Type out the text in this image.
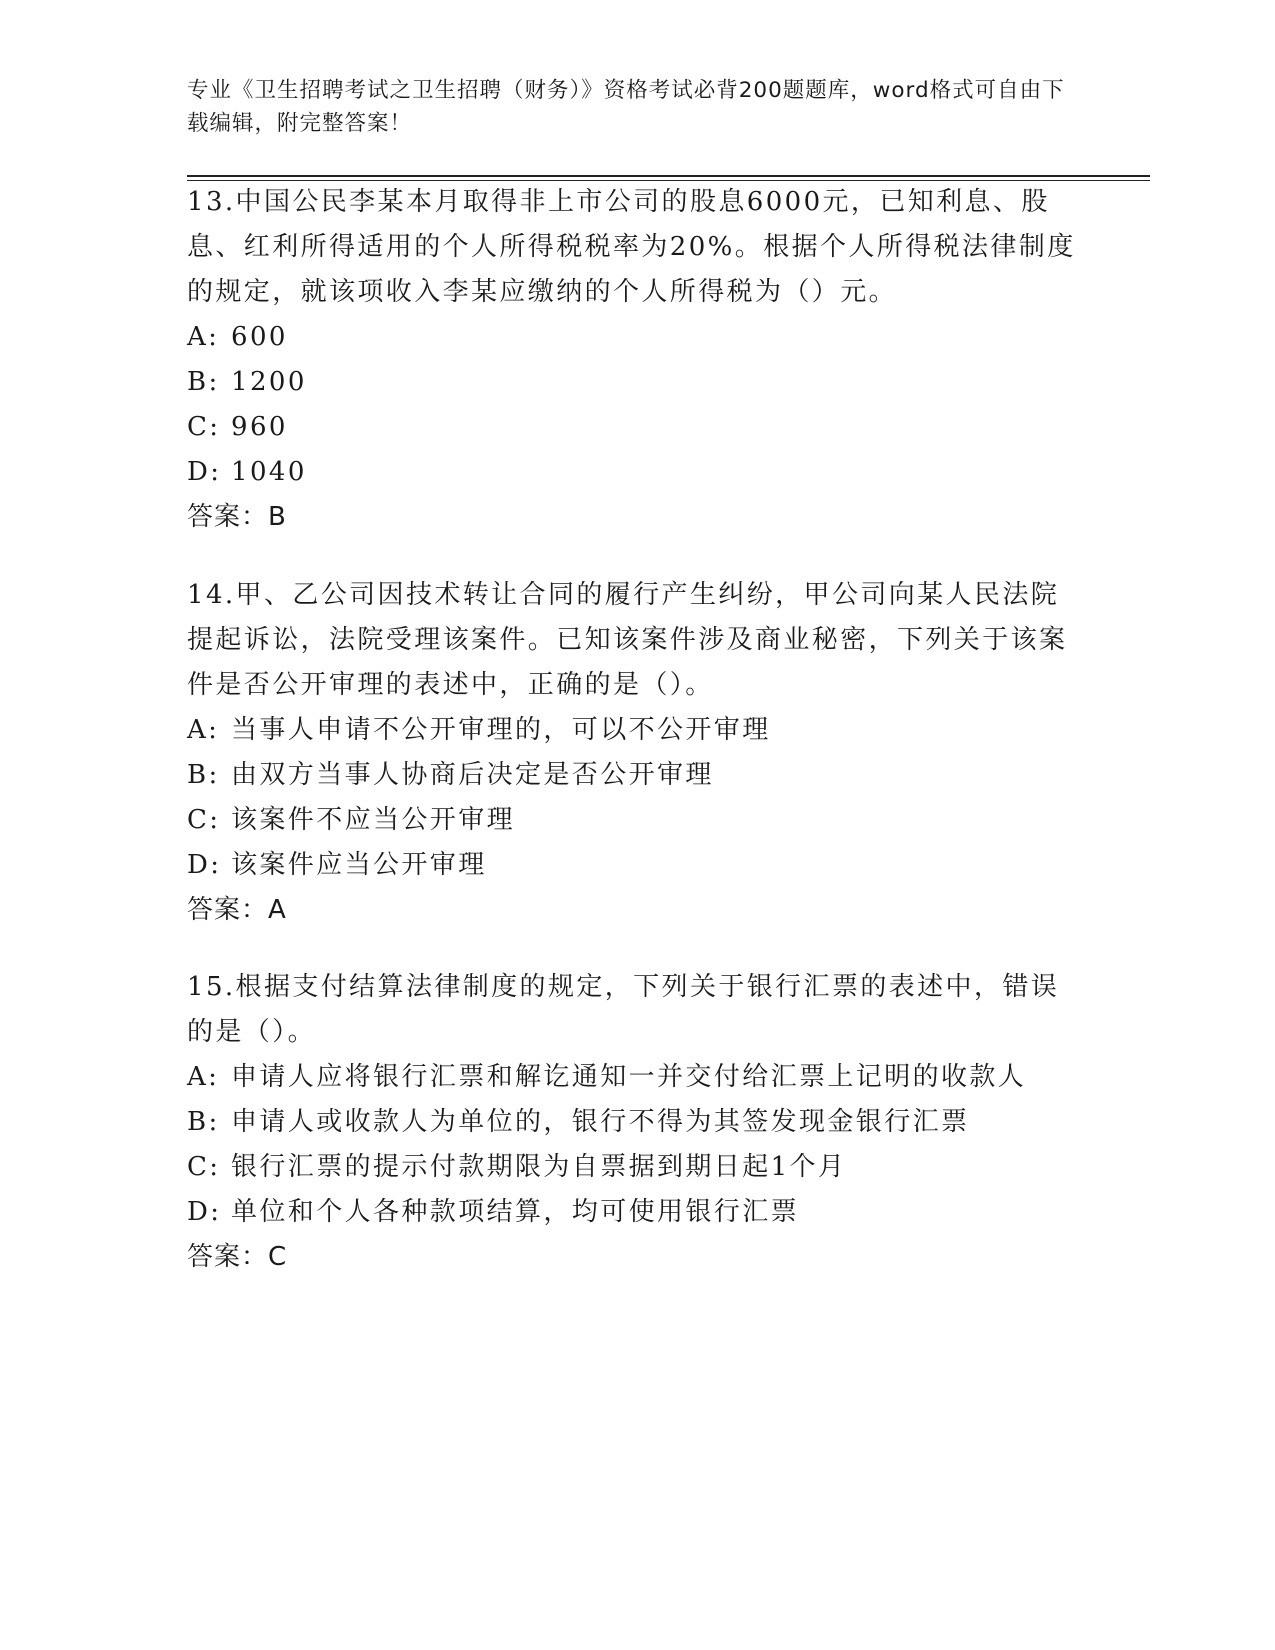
专业《卫生招聘考试之卫生招聘（财务）》资格考试必背200题题库，word格式可自由下载编辑，附完整答案！

13.中国公民李某本月取得非上市公司的股息6000元，已知利息、股息、红利所得适用的个人所得税税率为20%。根据个人所得税法律制度的规定，就该项收入李某应缴纳的个人所得税为（）元。

A: 600

B: 1200

C: 960

D: 1040

答案：B

14.甲、乙公司因技术转让合同的履行产生纠纷，甲公司向某人民法院提起诉讼，法院受理该案件。已知该案件涉及商业秘密，下列关于该案件是否公开审理的表述中，正确的是（）。

A: 当事人申请不公开审理的，可以不公开审理

B: 由双方当事人协商后决定是否公开审理

C: 该案件不应当公开审理

D: 该案件应当公开审理

答案：A

15.根据支付结算法律制度的规定，下列关于银行汇票的表述中，错误的是（）。

A: 申请人应将银行汇票和解讫通知一并交付给汇票上记明的收款人

B: 申请人或收款人为单位的，银行不得为其签发现金银行汇票

C: 银行汇票的提示付款期限为自票据到期日起1个月

D: 单位和个人各种款项结算，均可使用银行汇票

答案：C
